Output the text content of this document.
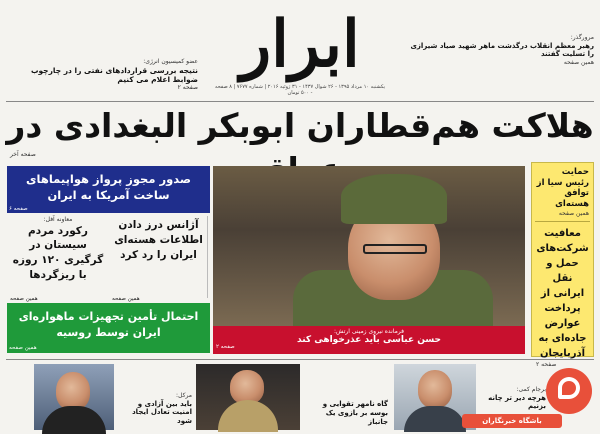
مرورگذر:
رهبر معظم انقلاب درگذشت ماهر شهید صیاد شیرازی را تسلیت گفتند
همین صفحه
ابرار
یکشنبه ۱۰ مرداد ۱۳۹۵ - ۲۶ شوال ۱۴۳۷ - ۳۱ ژوئیه ۲۰۱۶ | شماره ۷۶۷۷ | ۸ صفحه - ۵۰۰ تومان
عضو کمیسیون انرژی:
نتیجه بررسی قراردادهای نفتی را در چارچوب ضوابط اعلام می کنیم
صفحه ۲
هلاکت هم‌قطاران ابوبکر البغدادی در
صفحه آخر
حمایت رئیس سیا از توافق هسته‌ای
همین صفحه
معافیت شرکت‌های حمل و نقل ایرانی از پرداخت عوارض جاده‌ای به آذربایجان
صفحه ۲
فرمانده نیروی زمینی ارتش:
حسن عباسی باید عذرخواهی کند
صفحه ۲
صدور مجوز پرواز هواپیماهای ساخت آمریکا به ایران
صفحه ۶
آژانس درز دادن اطلاعات هسته‌ای ایران را رد کرد
همین صفحه
معاونه آفل:
رکورد مردم سیستان در گرگیری ۱۲۰ روزه با ریزگردها
همین صفحه
احتمال تأمین تجهیزات ماهواره‌ای ایران توسط روسیه
همین صفحه
مرکل:
باید بین آزادی و امنیت تعادل ایجاد شود
گاه نامهر تقوایی و بوسه بر بازوی یک جانباز
برجام کمی:
هرچه دیر تر چانه بزنیم
باشگاه خبرنگاران
